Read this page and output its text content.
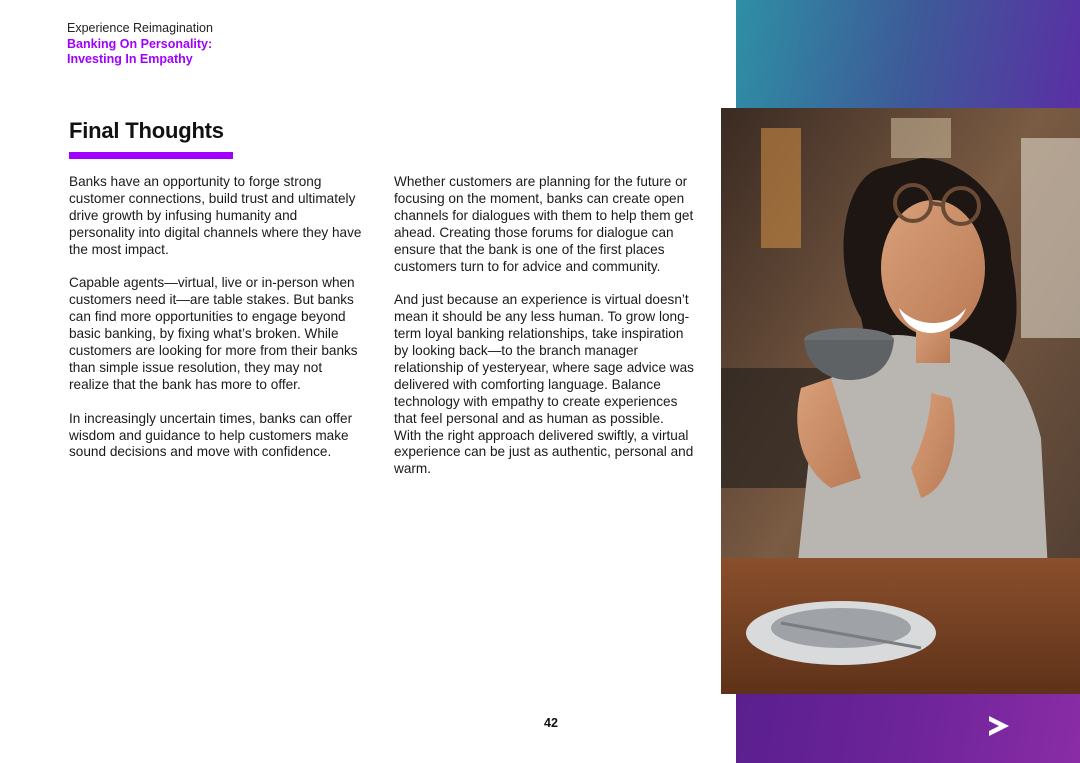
Experience Reimagination
Banking On Personality:
Investing In Empathy
Final Thoughts

Banks have an opportunity to forge strong customer connections, build trust and ultimately drive growth by infusing humanity and personality into digital channels where they have the most impact.

Capable agents—virtual, live or in-person when customers need it—are table stakes. But banks can find more opportunities to engage beyond basic banking, by fixing what’s broken. While customers are looking for more from their banks than simple issue resolution, they may not realize that the bank has more to offer.

In increasingly uncertain times, banks can offer wisdom and guidance to help customers make sound decisions and move with confidence.

Whether customers are planning for the future or focusing on the moment, banks can create open channels for dialogues with them to help them get ahead. Creating those forums for dialogue can ensure that the bank is one of the first places customers turn to for advice and community.

And just because an experience is virtual doesn’t mean it should be any less human. To grow long-term loyal banking relationships, take inspiration by looking back—to the branch manager relationship of yesteryear, where sage advice was delivered with comforting language. Balance technology with empathy to create experiences that feel personal and as human as possible. With the right approach delivered swiftly, a virtual experience can be just as authentic, personal and warm.

42
